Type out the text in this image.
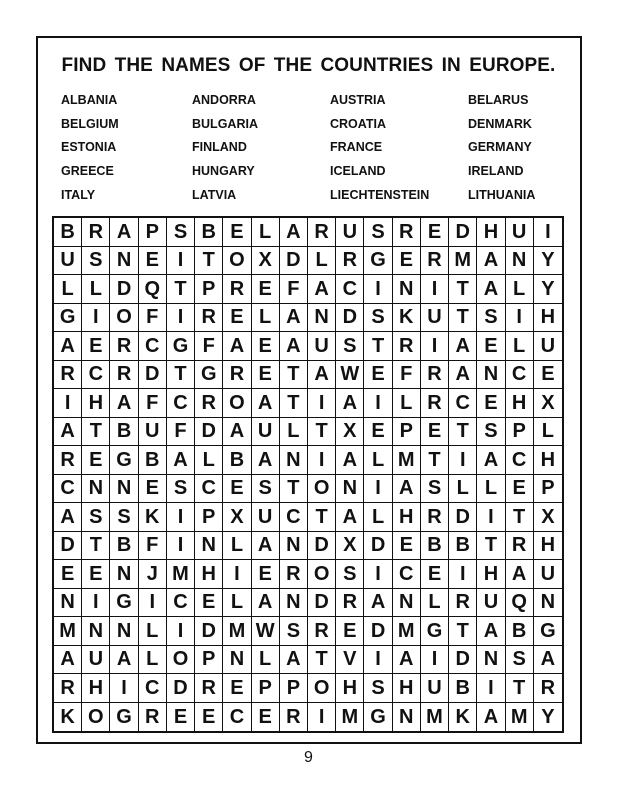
FIND THE NAMES OF THE COUNTRIES IN EUROPE.
ALBANIA	ANDORRA	AUSTRIA	BELARUS
BELGIUM	BULGARIA	CROATIA	DENMARK
ESTONIA	FINLAND	FRANCE	GERMANY
GREECE	HUNGARY	ICELAND	IRELAND
ITALY	LATVIA	LIECHTENSTEIN	LITHUANIA
B R A P S B E L A R U S R E D H U I
U S N E I T O X D L R G E R M A N Y
L L D Q T P R E F A C I N I T A L Y
G I O F I R E L A N D S K U T S I H
A E R C G F A E A U S T R I A E L U
R C R D T G R E T A W E F R A N C E
I H A F C R O A T I A I L R C E H X
A T B U F D A U L T X E P E T S P L
R E G B A L B A N I A L M T I A C H
C N N E S C E S T O N I A S L L E P
A S S K I P X U C T A L H R D I T X
D T B F I N L A N D X D E B B T R H
E E N J M H I E R O S I C E I H A U
N I G I C E L A N D R A N L R U Q N
M N N L I D M W S R E D M G T A B G
A U A L O P N L A T V I A I D N S A
R H I C D R E P P O H S H U B I T R
K O G R E E C E R I M G N M K A M Y
9
